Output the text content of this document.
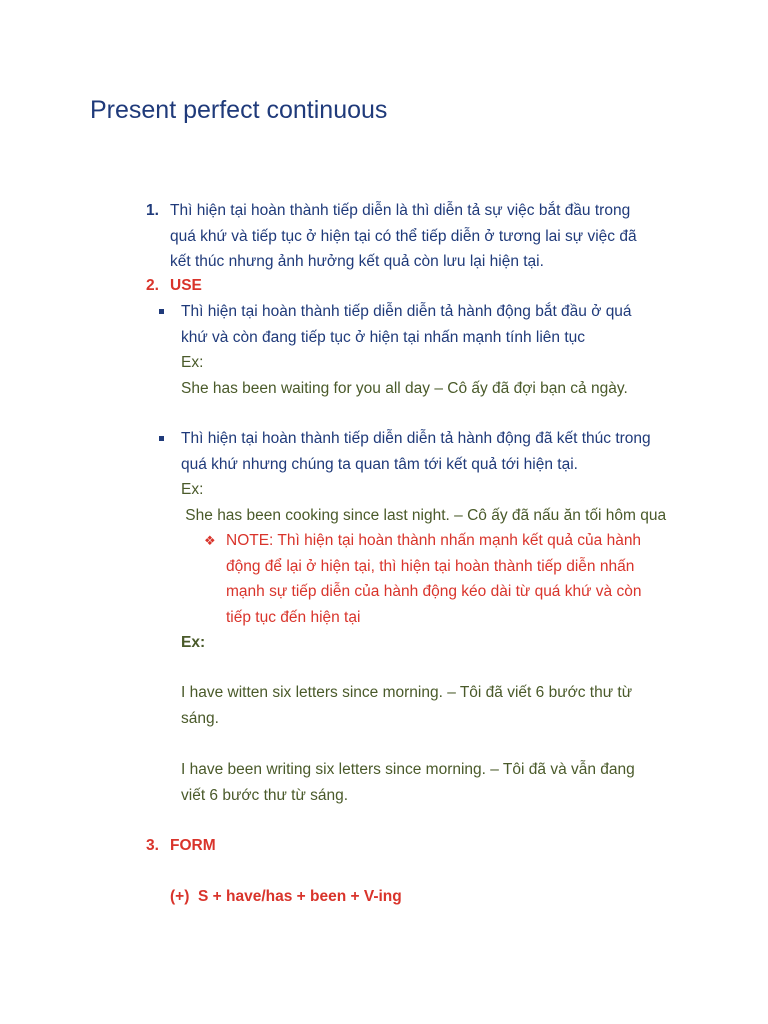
Present perfect continuous
1. Thì hiện tại hoàn thành tiếp diễn là thì diễn tả sự việc bắt đầu trong
quá khứ và tiếp tục ở hiện tại có thể tiếp diễn ở tương lai sự việc đã
kết thúc nhưng ảnh hưởng kết quả còn lưu lại hiện tại.
2. USE
Thì hiện tại hoàn thành tiếp diễn diễn tả hành động bắt đầu ở quá
khứ và còn đang tiếp tục ở hiện tại nhấn mạnh tính liên tục
Ex:
She has been waiting for you all day – Cô ấy đã đợi bạn cả ngày.
Thì hiện tại hoàn thành tiếp diễn diễn tả hành động đã kết thúc trong
quá khứ nhưng chúng ta quan tâm tới kết quả tới hiện tại.
Ex:
She has been cooking since last night. – Cô ấy đã nấu ăn tối hôm qua
❖ NOTE: Thì hiện tại hoàn thành nhấn mạnh kết quả của hành
động để lại ở hiện tại, thì hiện tại hoàn thành tiếp diễn nhấn
mạnh sự tiếp diễn của hành động kéo dài từ quá khứ và còn
tiếp tục đến hiện tại
Ex:
I have witten six letters since morning. – Tôi đã viết 6 bước thư từ
sáng.
I have been writing six letters since morning. – Tôi đã và vẫn đang
viết 6 bước thư từ sáng.
3. FORM
(+)  S + have/has + been + V-ing
